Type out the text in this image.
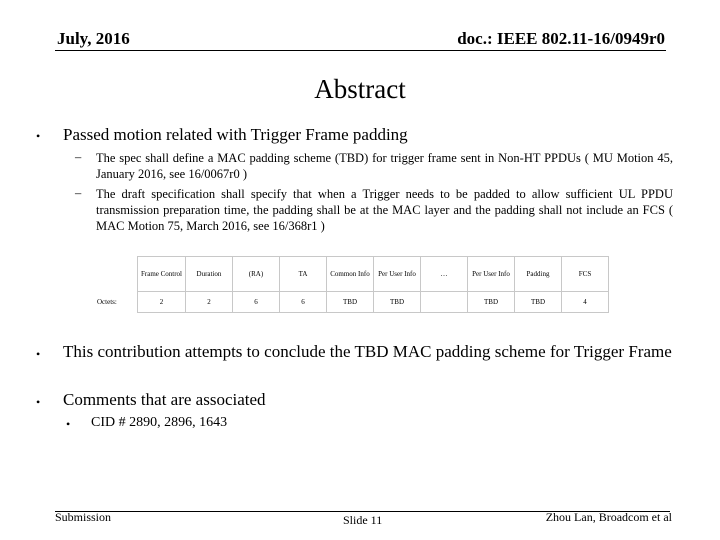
July, 2016	doc.: IEEE 802.11-16/0949r0
Abstract
• Passed motion related with Trigger Frame padding
– The spec shall define a MAC padding scheme (TBD) for trigger frame sent in Non-HT PPDUs ( MU Motion 45, January 2016, see 16/0067r0 )
– The draft specification shall specify that when a Trigger needs to be padded to allow sufficient UL PPDU transmission preparation time, the padding shall be at the MAC layer and the padding shall not include an FCS ( MAC Motion 75, March 2016, see 16/368r1 )
	Frame Control	Duration	(RA)	TA	Common Info	Per User Info	…	Per User Info	Padding	FCS
Octets:	2	2	6	6	TBD	TBD		TBD	TBD	4
• This contribution attempts to conclude the TBD MAC padding scheme for Trigger Frame
• Comments that are associated
• CID # 2890, 2896, 1643
Submission	Slide 11	Zhou Lan, Broadcom et al
